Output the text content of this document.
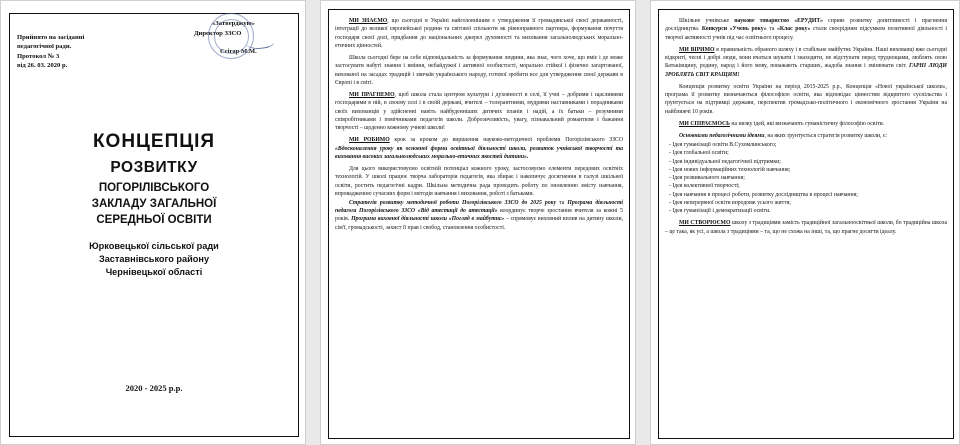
Прийнято на засіданні
педагогічної ради.
Протокол № 3
від 26. 03. 2020 р.
«Затверджую»
Директор ЗЗСО
Сєігар М.М.
КОНЦЕПЦІЯ
РОЗВИТКУ
ПОГОРІЛІВСЬКОГО
ЗАКЛАДУ ЗАГАЛЬНОЇ
СЕРЕДНЬОЇ ОСВІТИ
Юрковецької сільської ради
Заставнівського району
Чернівецької області
2020 - 2025 р.р.

МИ ЗНАЄМО, що сьогодні в Україні найголовнішим є утвердження її громадянської своєї державності, інтеграції до великої європейської родини та світової спільноти як рівноправного партнера, формування почуття господаря своєї долі, придбання до національних джерел духовності та виховання загальнолюдських морально-етичних цінностей.

Школа сьогодні бере на себе відповідальність за формування людини, яка знає, чого хоче, що вміє і де може застосувати набуті знання і вміння, небайдужої і активної особистості, морально стійкої і фізично загартованої, вихованої на засадах традицій і звичаїв українського народу, готової зробити все для утвердження своєї держави в Європі і в світі.

МИ ПРАГНЕМО, щоб школа стала центром культури і духовності в селі, її учні – добрими і щасливими господарями в ній, в своєму селі і в своїй державі, вчителі – толерантними, мудрими наставниками і порадниками своїх вихованців у здійсненні навіть найбуденніших дитячих планів і надій, а їх батьки – розумними співробітниками і помічниками педагогів школи. Доброзичливість, увагу, пізнавальний романтизм і бажання творчості – щоденно кожному учневі школи!

МИ РОБИМО крок за кроком до вирішення науково-методичної проблеми Погорілівського ЗЗСО «Вдосконалення уроку як основної форми освітньої діяльності школи, розвиток учнівської творчості та виховання високих загальнолюдських морально-етичних якостей дитини».

Для цього використовуємо освітній потенціал кожного уроку, застосовуємо елементи передових освітніх технологій. У школі працює творча лабораторія педагогів, яка збирає і накопичує досягнення в галузі шкільної освіти, ростить педагогічні кадри. Шкільна методична рада проводить роботу по оновленню змісту навчання, впровадженню сучасних форм і методів навчання і виховання, роботі з батьками.

Стратегія розвитку методичної роботи Погорілівського ЗЗСО до 2025 року та Програма діяльності педагога Погорілівського ЗЗСО «Від атестації до атестації» координує творче зростання вчителя за кожні 5 років. Програма виховної діяльності школи «Погляд в майбутнє» – спрямовує виховний вплив на дитину школи, сім'ї, громадськості, захист її прав і свобод, становлення особистості.

Шкільне учнівське наукове товариство «ЕРУДИТ» сприяє розвитку допитливості і прагнення дослідництва. Конкурси «Учень року» та «Клас року» стали своєрідним підсумком позитивної діяльності і творчої активності учнів під час освітнього процесу.

МИ ВІРИМО в правильність обраного шляху і в стабільне майбутнє України. Наші вихованці вже сьогодні відкриті, чесні і добрі люди, вони вчаться шукати і знаходити, не відступати перед труднощами, люблять свою Батьківщину, родину, народ і його мову, поважають старших, жадоба знання і змінювати світ. ГАРНІ ЛЮДИ ЗРОБЛЯТЬ СВІТ КРАЩИМ!

Концепція розвитку освіти України на період 2015-2025 р.р., Концепція «Нової української школи», програма її розвитку визначаються філософією освіти, яка відповідає цінностям відкритого суспільства і ґрунтується на підтримці держави, перспектив громадсько-політичного і економічного зростання України на найближчі 10 років.

МИ СПІРАЄМОСЬ на низку ідей, які визначають гуманістичну філософію освіти.

Основними педагогічними ідеями, на яких ґрунтується стратегія розвитку школи, є:

- Ідея гуманізації освіти В.Сухомлинського;
- Ідея глобальної освіти;
- Ідея індивідуальної педагогічної підтримки;
- Ідея нових інформаційних технологій навчання;
- Ідея розвивального навчання;
- Ідея колективної творчості;
- Ідея навчання в процесі роботи, розвитку дослідництва в процесі навчання;
- Ідея неперервної освіти впродовж усього життя;
- Ідея гуманізації і демократизації освіти.

МИ СТВОРЮЄМО школу з традиціями замість традиційної загальноосвітньої школи, бо традиційна школа – це така, як усі, а школа з традиціями – та, що не схожа на інші, та, що прагне досягти ідеалу.
